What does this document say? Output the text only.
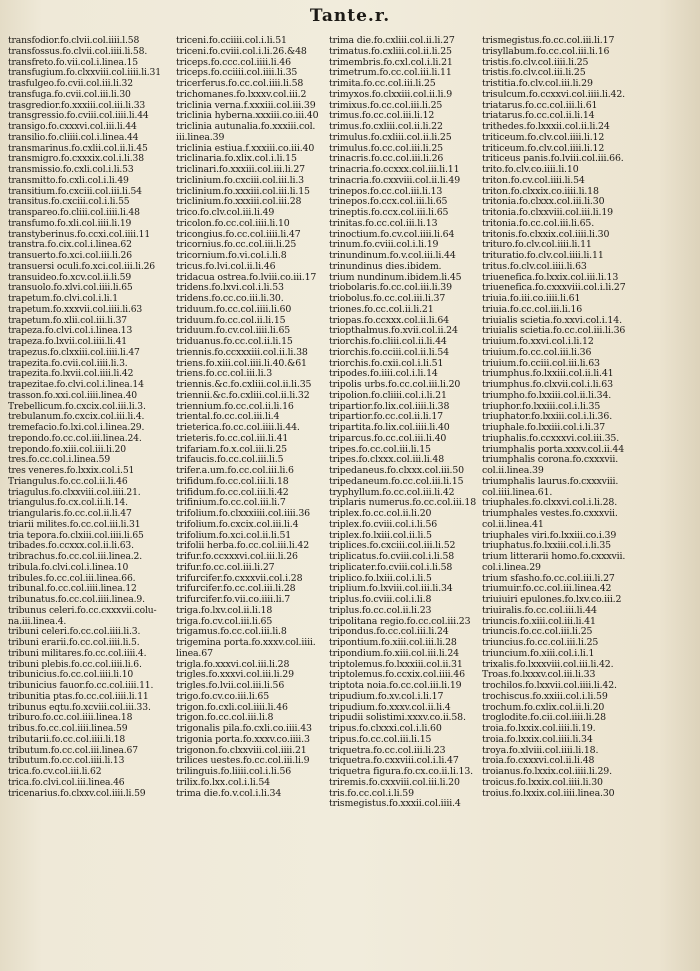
Tante.r.
transfodior.fo.clvii.col.iiii.l.58
transfossus.fo.clvii.col.iiii.li.58.
transfreto.fo.vii.col.i.linea.15
transfugium.fo.clxxviii.col.iiii.li.31
trasfulgeo.fo.cvii.col.iii.li.32
transfuga.fo.cvii.col.iii.li.30
trasgredior.fo.xxxiii.col.iii.li.33
transgressio.fo.cviii.col.iiii.li.44
transigo.fo.cxxxvi.col.iii.li.44
transilio.fo.cliiii.col.i.linea.44
transmarinus.fo.cxlii.col.ii.li.45
transmigro.fo.cxxxix.col.i.li.38
transmissio.fo.cxli.col.i.li.53
transmitto.fo.cxli.col.i.li.49
transitium.fo.cxciii.col.iii.li.54
transitus.fo.cxciii.col.i.li.55
transpareo.fo.cliii.col.iiii.li.48
transfumo.fo.xli.col.iiii.li.19
transtyberinus.fo.ccxi.col.iiii.11
transtra.fo.cix.col.i.linea.62
transuerto.fo.xci.col.iii.li.26
transuersi oculi.fo.xci.col.iii.li.26
transuideo.fo.xcv.col.ii.li.59
transuolo.fo.xlvi.col.iiii.li.65
trapetum.fo.clvi.col.i.li.1
trapetum.fo.xxxvii.col.iiii.li.63
trapetum.fo.xlii.col.iii.li.37
trapeza.fo.clvi.col.i.linea.13
trapeza.fo.lxvii.col.iiii.li.41
trapezus.fo.clxxiii.col.iiii.li.47
trapezita.fo.cvii.col.iiii.li.3.
trapezita.fo.lxvii.col.iiii.li.42
trapezitae.fo.clvi.col.i.linea.14
trasson.fo.xxi.col.iiii.linea.40
Trebellicum.fo.cxcix.col.iii.li.3.
trebulanum.fo.cxcix.col.iii.li.4.
tremefacio.fo.lxi.col.i.linea.29.
trepondo.fo.cc.col.iii.linea.24.
trepondo.fo.xiii.col.iii.li.20
tres.fo.cc.col.i.linea.59
tres veneres.fo.lxxix.col.i.51
Triangulus.fo.cc.col.ii.li.46
triagulus.fo.clxxviii.col.iiii.21.
triangulus.fo.cx.col.ii.li.14.
triangularis.fo.cc.col.ii.li.47
triarii milites.fo.cc.col.iii.li.31
tria tepora.fo.clxiii.col.iiii.li.65
tribades.fo.ccxxx.col.ii.li.63.
tribrachus.fo.cc.col.iii.linea.2.
tribula.fo.clvi.col.i.linea.10
tribules.fo.cc.col.iii.linea.66.
tribunal.fo.cc.col.iiii.linea.12
tribunatus.fo.cc.col.iiii.linea.9.
tribunus celeri.fo.cc.cxxxvii.colu-
na.iii.linea.4.
tribuni celeri.fo.cc.col.iiii.li.3.
tribuni erarii.fo.cc.col.iiii.li.5.
tribuni militares.fo.cc.col.iiii.4.
tribuni plebis.fo.cc.col.iiii.li.6.
tribunicius.fo.cc.col.iiii.li.10
tribunicius fauor.fo.cc.col.iiii.11.
tribunitia ptas.fo.cc.col.iiii.li.11
tribunus eqtu.fo.xcviii.col.iii.33.
triburo.fo.cc.col.iiii.linea.18
tribus.fo.cc.col.iiii.linea.59
tributarii.fo.cc.col.iiii.li.18
tributum.fo.cc.col.iii.linea.67
tributum.fo.cc.col.iiii.li.13
trica.fo.cv.col.iii.li.62
trica.fo.clvi.col.iii.linea.46
tricenarius.fo.clxxv.col.iiii.li.59
triceni.fo.cciiii.col.i.li.51
triceni.fo.cviii.col.i.li.26.&48
triceps.fo.ccc.col.iiii.li.46
triceps.fo.cciiii.col.iiii.li.35
tricerferus.fo.cc.col.iiii.li.58
trichomanes.fo.lxxxv.col.iii.2
triclinia verna.f.xxxiii.col.iii.39
triclinia hyberna.xxxiii.co.iii.40
triclinia autunalia.fo.xxxiii.col.
iii.linea.39
triclinia estiua.f.xxxiii.co.iii.40
triclinaria.fo.xlix.col.i.li.15
triclinari.fo.xxxiii.col.iii.li.27
triclinium.fo.cxciii.col.iii.li.3
triclinium.fo.xxxiii.col.iii.li.15
triclinium.fo.xxxiii.col.iii.28
trico.fo.clv.col.iii.li.49
tricolon.fo.cc.col.iiii.li.10
tricongius.fo.cc.col.iiii.li.47
tricornius.fo.cc.col.iii.li.25
tricornium.fo.vi.col.i.li.8
tricus.fo.lvi.col.ii.li.46
tridacua ostrea.fo.lviii.co.iii.17
tridens.fo.lxvi.col.i.li.53
tridens.fo.cc.co.iii.li.30.
triduum.fo.cc.col.iiii.li.60
triduum.fo.cc.col.ii.li.15
triduum.fo.cv.col.iiii.li.65
triduanus.fo.cc.col.ii.li.15
triennis.fo.ccxxxiii.col.ii.li.38
triens.fo.xiii.col.iiii.li.40.&61
triens.fo.cc.col.iii.li.3
triennis.&c.fo.cxliii.col.ii.li.35
triennii.&c.fo.cxliii.col.ii.li.32
triennium.fo.cc.col.ii.li.16
triental.fo.cc.col.iii.li.4
trieterica.fo.cc.col.iiii.li.44.
trieteris.fo.cc.col.iii.li.41
trifariam.fo.x.col.iii.li.25
trifaucis.fo.cc.col.iii.li.5
trifer.a.um.fo.cc.col.iii.li.6
trifidum.fo.cc.col.iii.li.18
trifidum.fo.cc.col.iii.li.42
trifinium.fo.cc.col.iii.li.7
trifolium.fo.clxxxiiii.col.iiii.36
trifolium.fo.cxcix.col.iii.li.4
trifolium.fo.xci.col.ii.li.51
trifolii herba.fo.cc.col.iii.li.42
trifur.fo.ccxxxvi.col.iii.li.26
trifur.fo.cc.col.iii.li.27
trifurcifer.fo.cxxxvii.col.i.28
trifurcifer.fo.cc.col.iii.li.28
trifurcifer.fo.vii.co.iiii.li.7
triga.fo.lxv.col.ii.li.18
triga.fo.cv.col.iii.li.65
trigamus.fo.cc.col.iii.li.8
trigemina porta.fo.xxxv.col.iiii.
linea.67
trigla.fo.xxxvi.col.iii.li.28
trigles.fo.xxxvi.col.iii.li.29
trigles.fo.lvii.col.iii.li.56
trigo.fo.cv.co.iii.li.65
trigon.fo.cxli.col.iiii.li.46
trigon.fo.cc.col.iii.li.8
trigonalis pila.fo.cxli.co.iiii.43
trigonia porta.fo.xxxv.co.iiii.3
trigonon.fo.clxxviii.col.iiii.21
trilices uestes.fo.cc.col.iii.li.9
trilinguis.fo.liiii.col.i.li.56
trilix.fo.lxx.col.i.li.54
trima die.fo.v.col.i.li.34
trima die.fo.cxliii.col.ii.li.27
trimatus.fo.cxliii.col.ii.li.25
trimembris.fo.cxl.col.i.li.21
trimetrum.fo.cc.col.iii.li.11
trimita.fo.cc.col.iii.li.25
trimyxos.fo.clxxiii.col.ii.li.9
trimixus.fo.cc.col.iii.li.25
trimus.fo.cc.col.iii.li.12
trimus.fo.cxliii.col.ii.li.22
trimulus.fo.cxliii.col.ii.li.25
trimulus.fo.cc.col.iii.li.25
trinacris.fo.cc.col.iii.li.26
trinacria.fo.ccxxx.col.iii.li.11
trinacria.fo.cxxviii.col.ii.li.49
trinepos.fo.cc.col.iii.li.13
trinepos.fo.ccx.col.iii.li.65
trineptis.fo.ccx.col.iii.li.65
trinitas.fo.cc.col.iii.li.13
trinoctium.fo.cv.col.iiii.li.64
trinum.fo.cviii.col.i.li.19
trinundinum.fo.v.col.iii.li.44
trinundinus dies.ibidem.
trium nundinum.ibidem.li.45
triobolaris.fo.cc.col.iii.li.39
triobolus.fo.cc.col.iii.li.37
triones.fo.cc.col.ii.li.21
triopas.fo.ccxxx.col.ii.li.64
triopthalmus.fo.xvii.col.ii.24
triorchis.fo.cliii.col.ii.li.44
triorchis.fo.cciii.col.ii.li.54
triorchis.fo.cxii.col.i.li.51
tripodes.fo.iiii.col.i.li.14
tripolis urbs.fo.cc.col.iii.li.20
tripolion.fo.cliiii.col.i.li.21
tripartior.fo.lix.col.iiii.li.38
tripartior.fo.cc.col.ii.li.17
tripartita.fo.lix.col.iiii.li.40
triparcus.fo.cc.col.iii.li.40
tripes.fo.cc.col.iii.li.15
tripes.fo.clxxx.col.iii.li.48
tripedaneus.fo.clxxx.col.iii.50
tripedaneum.fo.cc.col.iii.li.15
tryphyllum.fo.cc.col.iii.li.42
triplaris numerus.fo.cc.col.iii.18
triplex.fo.cc.col.ii.li.20
triplex.fo.cviii.col.i.li.56
triplex.fo.lxiii.col.ii.li.5
triplices.fo.cxciii.col.iii.li.52
triplicatus.fo.cviii.col.i.li.58
triplicater.fo.cviii.col.i.li.58
triplico.fo.lxiii.col.i.li.5
triplium.fo.lxviii.col.iii.li.34
triplus.fo.cviii.col.i.li.8
triplus.fo.cc.col.ii.li.23
tripolitana regio.fo.cc.col.iii.23
tripondus.fo.cc.col.iii.li.24
tripontium.fo.xiii.col.iii.li.28
tripondium.fo.xiii.col.iii.li.24
triptolemus.fo.lxxxiii.col.ii.31
triptolemus.fo.ccxix.col.iiii.46
triptota noia.fo.cc.col.iii.li.19
tripudium.fo.xv.col.i.li.17
tripudium.fo.xxxv.col.ii.li.4
tripudii solistimi.xxxv.co.ii.58.
tripus.fo.clxxxi.col.i.li.60
tripus.fo.cc.col.iii.li.15
triquetra.fo.cc.col.iii.li.23
triquetra.fo.cxxviii.col.i.li.47
triquetra figura.fo.cx.co.ii.li.13.
triremis.fo.cxxviii.col.iii.li.20
tris.fo.cc.col.i.li.59
trismegistus.fo.xxxii.col.iiii.4
trismegistus.fo.cc.col.iii.li.17
trisyllabum.fo.cc.col.iii.li.16
tristis.fo.clv.col.iiii.li.25
tristis.fo.clv.col.iii.li.25
tristitia.fo.clv.col.iii.li.29
trisulcum.fo.ccxxvi.col.iiii.li.42.
triatarus.fo.cc.col.iii.li.61
triatarus.fo.cc.col.ii.li.14
trithedes.fo.lxxxii.col.ii.li.24
triticeum.fo.clv.col.iiii.li.12
triticeum.fo.clv.col.iiii.li.12
triticeus panis.fo.lviii.col.iii.66.
trito.fo.clv.co.iiii.li.10
triton.fo.cv.col.iiii.li.54
triton.fo.clxxix.co.iiii.li.18
tritonia.fo.clxxx.col.iii.li.30
tritonia.fo.clxxviii.col.iii.li.19
tritonia.fo.cc.col.iii.li.65.
tritonis.fo.clxxix.col.iiii.li.30
trituro.fo.clv.col.iiii.li.11
trituratio.fo.clv.col.iiii.li.11
tritus.fo.clv.col.iiii.li.63
triuenefica.fo.lxxix.col.iii.li.13
triuenefica.fo.cxxxviii.col.i.li.27
triuia.fo.iii.co.iiii.li.61
triuia.fo.cc.col.iii.li.16
triuialis scietia.fo.xxvi.col.i.14.
triuialis scietia.fo.cc.col.iii.li.36
triuium.fo.xxvi.col.i.li.12
triuium.fo.cc.col.iii.li.36
triuium.fo.cciii.col.iii.li.63
triumphus.fo.lxxiii.col.ii.li.41
triumphus.fo.clxvii.col.i.li.63
triumpho.fo.lxxiii.col.ii.li.34.
triuphor.fo.lxxiii.col.i.li.35
triuphator.fo.lxxiii.col.i.li.36.
triuphale.fo.lxxiii.col.i.li.37
triuphalis.fo.ccxxxvi.col.iii.35.
triumphalis porta.xxxv.col.ii.44
triumphalis corona.fo.cxxxvii.
col.ii.linea.39
triumphalis laurus.fo.cxxxviii.
col.iiii.linea.61.
triuphales.fo.clxxvi.col.i.li.28.
triumphales vestes.fo.cxxxvii.
col.ii.linea.41
triuphales viri.fo.lxxiii.co.i.39
triuphatus.fo.lxxiii.col.i.li.35
trium litterarii homo.fo.cxxxvii.
col.i.linea.29
trium sfasho.fo.cc.col.iii.li.27
triumuir.fo.cc.col.iii.linea.42
triuiuiri epulones.fo.lxv.co.iii.2
triuiralis.fo.cc.col.iii.li.44
triuncis.fo.xiii.col.iii.li.41
triuncis.fo.cc.col.iii.li.25
triuncius.fo.cc.col.iii.li.25
triuncium.fo.xiii.col.i.li.1
trixalis.fo.lxxxviii.col.iii.li.42.
Troas.fo.lxxxv.col.iii.li.33
trochilos.fo.lxxvii.col.iiii.li.42.
trochiscus.fo.xxiii.col.i.li.59
trochum.fo.cxlix.col.ii.li.20
troglodite.fo.cii.col.iiii.li.28
troia.fo.lxxix.col.iiii.li.19.
troia.fo.lxxix.col.iiii.li.34
troya.fo.xlviii.col.iiii.li.18.
troia.fo.cxxxvi.col.ii.li.48
troianus.fo.lxxix.col.iiii.li.29.
troicus.fo.lxxix.col.iiii.li.30
troius.fo.lxxix.col.iiii.linea.30
